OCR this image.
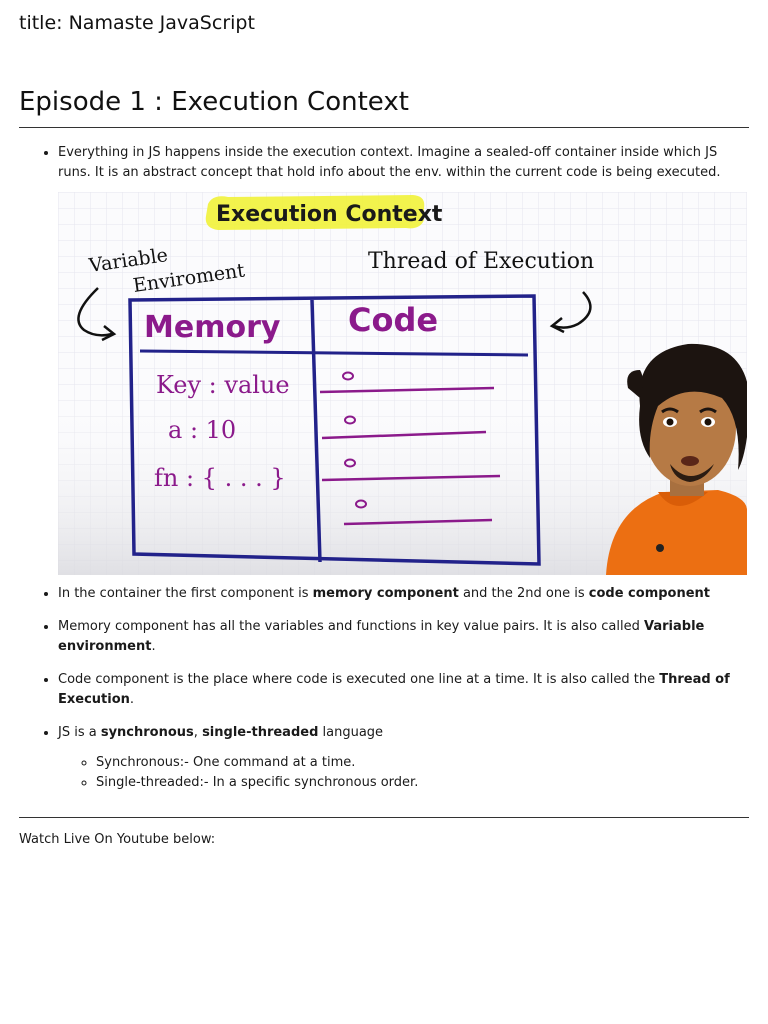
title: Namaste JavaScript

Episode 1 : Execution Context
• Everything in JS happens inside the execution context. Imagine a sealed-off container inside which JS runs. It is an abstract concept that hold info about the env. within the current code is being executed.
Execution Context
Variable
Enviroment	Thread of Execution
Memory Code
Key : value
a : 10
fn : { . . . }
• In the container the first component is memory component and the 2nd one is code component
• Memory component has all the variables and functions in key value pairs. It is also called Variable environment.
• Code component is the place where code is executed one line at a time. It is also called the Thread of Execution.
• JS is a synchronous, single-threaded language
◦ Synchronous:- One command at a time.
◦ Single-threaded:- In a specific synchronous order.
Watch Live On Youtube below:
